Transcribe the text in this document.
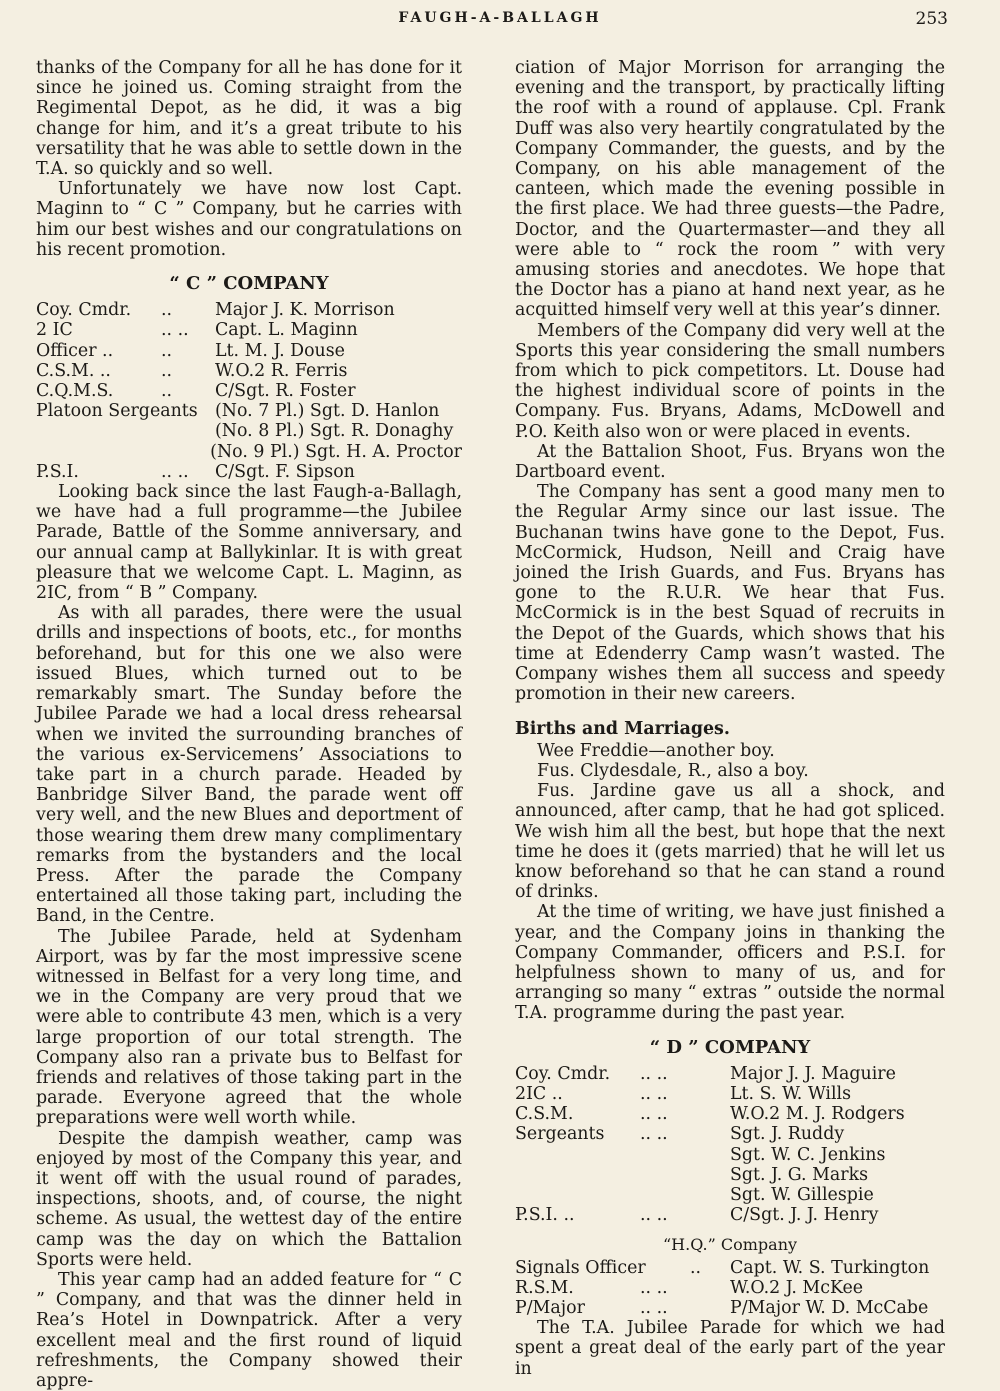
FAUGH-A-BALLAGH	253

thanks of the Company for all he has done for it since he joined us. Coming straight from the Regimental Depot, as he did, it was a big change for him, and it’s a great tribute to his versatility that he was able to settle down in the T.A. so quickly and so well.

Unfortunately we have now lost Capt. Maginn to “ C ” Company, but he carries with him our best wishes and our congratulations on his recent promotion.

“ C ” COMPANY
Coy. Cmdr.	..	Major J. K. Morrison
2 IC	.. ..	Capt. L. Maginn
Officer ..	..	Lt. M. J. Douse
C.S.M. ..	..	W.O.2 R. Ferris
C.Q.M.S.	..	C/Sgt. R. Foster
Platoon Sergeants (No. 7 Pl.) Sgt. D. Hanlon
(No. 8 Pl.) Sgt. R. Donaghy
(No. 9 Pl.) Sgt. H. A. Proctor
P.S.I.	.. ..	C/Sgt. F. Sipson

Looking back since the last Faugh-a-Ballagh, we have had a full programme—the Jubilee Parade, Battle of the Somme anniversary, and our annual camp at Ballykinlar. It is with great pleasure that we welcome Capt. L. Maginn, as 2IC, from “ B ” Company.

As with all parades, there were the usual drills and inspections of boots, etc., for months beforehand, but for this one we also were issued Blues, which turned out to be remarkably smart. The Sunday before the Jubilee Parade we had a local dress rehearsal when we invited the surrounding branches of the various ex-Servicemens’ Associations to take part in a church parade. Headed by Banbridge Silver Band, the parade went off very well, and the new Blues and deportment of those wearing them drew many complimentary remarks from the bystanders and the local Press. After the parade the Company entertained all those taking part, including the Band, in the Centre.

The Jubilee Parade, held at Sydenham Airport, was by far the most impressive scene witnessed in Belfast for a very long time, and we in the Company are very proud that we were able to contribute 43 men, which is a very large proportion of our total strength. The Company also ran a private bus to Belfast for friends and relatives of those taking part in the parade. Everyone agreed that the whole preparations were well worth while.

Despite the dampish weather, camp was enjoyed by most of the Company this year, and it went off with the usual round of parades, inspections, shoots, and, of course, the night scheme. As usual, the wettest day of the entire camp was the day on which the Battalion Sports were held.

This year camp had an added feature for “ C ” Company, and that was the dinner held in Rea’s Hotel in Downpatrick. After a very excellent meal and the first round of liquid refreshments, the Company showed their appre-

ciation of Major Morrison for arranging the evening and the transport, by practically lifting the roof with a round of applause. Cpl. Frank Duff was also very heartily congratulated by the Company Commander, the guests, and by the Company, on his able management of the canteen, which made the evening possible in the first place. We had three guests—the Padre, Doctor, and the Quartermaster—and they all were able to “ rock the room ” with very amusing stories and anecdotes. We hope that the Doctor has a piano at hand next year, as he acquitted himself very well at this year’s dinner.

Members of the Company did very well at the Sports this year considering the small numbers from which to pick competitors. Lt. Douse had the highest individual score of points in the Company. Fus. Bryans, Adams, McDowell and P.O. Keith also won or were placed in events.

At the Battalion Shoot, Fus. Bryans won the Dartboard event.

The Company has sent a good many men to the Regular Army since our last issue. The Buchanan twins have gone to the Depot, Fus. McCormick, Hudson, Neill and Craig have joined the Irish Guards, and Fus. Bryans has gone to the R.U.R. We hear that Fus. McCormick is in the best Squad of recruits in the Depot of the Guards, which shows that his time at Edenderry Camp wasn’t wasted. The Company wishes them all success and speedy promotion in their new careers.

Births and Marriages.

Wee Freddie—another boy.

Fus. Clydesdale, R., also a boy.

Fus. Jardine gave us all a shock, and announced, after camp, that he had got spliced. We wish him all the best, but hope that the next time he does it (gets married) that he will let us know beforehand so that he can stand a round of drinks.

At the time of writing, we have just finished a year, and the Company joins in thanking the Company Commander, officers and P.S.I. for helpfulness shown to many of us, and for arranging so many “ extras ” outside the normal T.A. programme during the past year.

“ D ” COMPANY
Coy. Cmdr.	.. ..	Major J. J. Maguire
2IC ..	.. ..	Lt. S. W. Wills
C.S.M.	.. ..	W.O.2 M. J. Rodgers
Sergeants	.. ..	Sgt. J. Ruddy
Sgt. W. C. Jenkins
Sgt. J. G. Marks
Sgt. W. Gillespie
P.S.I. ..	.. ..	C/Sgt. J. J. Henry
“H.Q.” Company
Signals Officer	..	Capt. W. S. Turkington
R.S.M.	.. ..	W.O.2 J. McKee
P/Major	.. ..	P/Major W. D. McCabe

The T.A. Jubilee Parade for which we had spent a great deal of the early part of the year in
